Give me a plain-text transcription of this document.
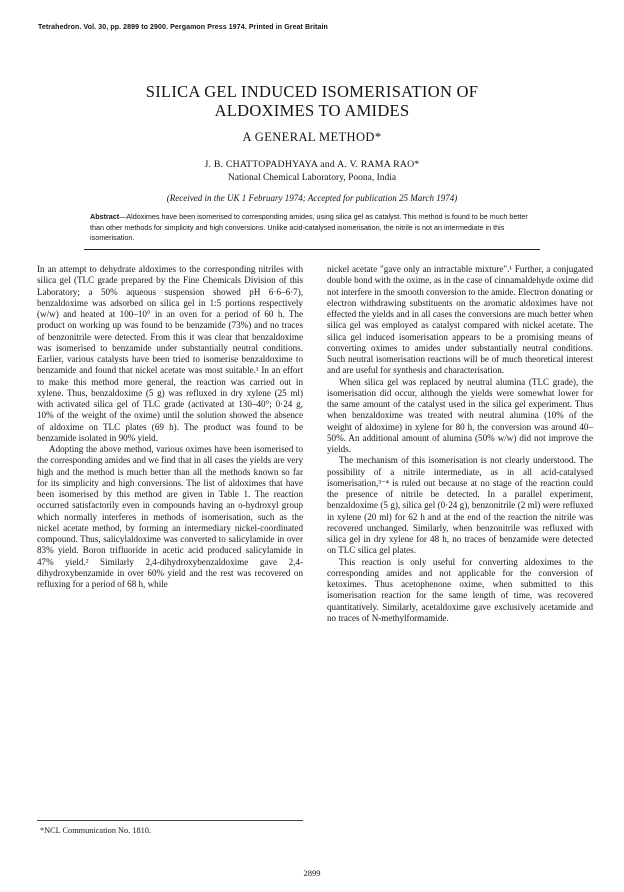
Tetrahedron. Vol. 30, pp. 2899 to 2900. Pergamon Press 1974. Printed in Great Britain
SILICA GEL INDUCED ISOMERISATION OF
ALDOXIMES TO AMIDES
A GENERAL METHOD*
J. B. CHATTOPADHYAYA and A. V. RAMA RAO*
National Chemical Laboratory, Poona, India
(Received in the UK 1 February 1974; Accepted for publication 25 March 1974)
Abstract—Aldoximes have been isomerised to corresponding amides, using silica gel as catalyst. This method is found to be much better than other methods for simplicity and high conversions. Unlike acid-catalysed isomerisation, the nitrile is not an intermediate in this isomerisation.

In an attempt to dehydrate aldoximes to the corresponding nitriles with silica gel (TLC grade prepared by the Fine Chemicals Division of this Laboratory; a 50% aqueous suspension showed pH 6·6–6·7), benzaldoxime was adsorbed on silica gel in 1:5 portions respectively (w/w) and heated at 100–10° in an oven for a period of 60 h. The product on working up was found to be benzamide (73%) and no traces of benzonitrile were detected. From this it was clear that benzaldoxime was isomerised to benzamide under substantially neutral conditions. Earlier, various catalysts have been tried to isomerise benzaldoxime to benzamide and found that nickel acetate was most suitable.¹ In an effort to make this method more general, the reaction was carried out in xylene. Thus, benzaldoxime (5 g) was refluxed in dry xylene (25 ml) with activated silica gel of TLC grade (activated at 130–40°; 0·24 g, 10% of the weight of the oxime) until the solution showed the absence of aldoxime on TLC plates (69 h). The product was found to be benzamide isolated in 90% yield.

Adopting the above method, various oximes have been isomerised to the corresponding amides and we find that in all cases the yields are very high and the method is much better than all the methods known so far for its simplicity and high conversions. The list of aldoximes that have been isomerised by this method are given in Table 1. The reaction occurred satisfactorily even in compounds having an o-hydroxyl group which normally interferes in methods of isomerisation, such as the nickel acetate method, by forming an intermediary nickel-coordinated compound. Thus, salicylaldoxime was converted to salicylamide in over 83% yield. Boron trifluoride in acetic acid produced salicylamide in 47% yield.² Similarly 2,4-dihydroxybenzaldoxime gave 2,4-dihydroxybenzamide in over 60% yield and the rest was recovered on refluxing for a period of 68 h, while

nickel acetate "gave only an intractable mixture".¹ Further, a conjugated double bond with the oxime, as in the case of cinnamaldehyde oxime did not interfere in the smooth conversion to the amide. Electron donating or electron withdrawing substituents on the aromatic aldoximes have not effected the yields and in all cases the conversions are much better when silica gel was employed as catalyst compared with nickel acetate. The silica gel induced isomerisation appears to be a promising means of converting oximes to amides under substantially neutral conditions. Such neutral isomerisation reactions will be of much theoretical interest and are useful for synthesis and characterisation.

When silica gel was replaced by neutral alumina (TLC grade), the isomerisation did occur, although the yields were somewhat lower for the same amount of the catalyst used in the silica gel experiment. Thus when benzaldoxime was treated with neutral alumina (10% of the weight of aldoxime) in xylene for 80 h, the conversion was around 40–50%. An additional amount of alumina (50% w/w) did not improve the yields.

The mechanism of this isomerisation is not clearly understood. The possibility of a nitrile intermediate, as in all acid-catalysed isomerisation,³⁻⁴ is ruled out because at no stage of the reaction could the presence of nitrile be detected. In a parallel experiment, benzaldoxime (5 g), silica gel (0·24 g), benzonitrile (2 ml) were refluxed in xylene (20 ml) for 62 h and at the end of the reaction the nitrile was recovered unchanged. Similarly, when benzonitrile was refluxed with silica gel in dry xylene for 48 h, no traces of benzamide were detected on TLC silica gel plates.

This reaction is only useful for converting aldoximes to the corresponding amides and not applicable for the conversion of ketoximes. Thus acetophenone oxime, when submitted to this isomerisation reaction for the same length of time, was recovered quantitatively. Similarly, acetaldoxime gave exclusively acetamide and no traces of N-methylformamide.

*NCL Communication No. 1810.
2899
